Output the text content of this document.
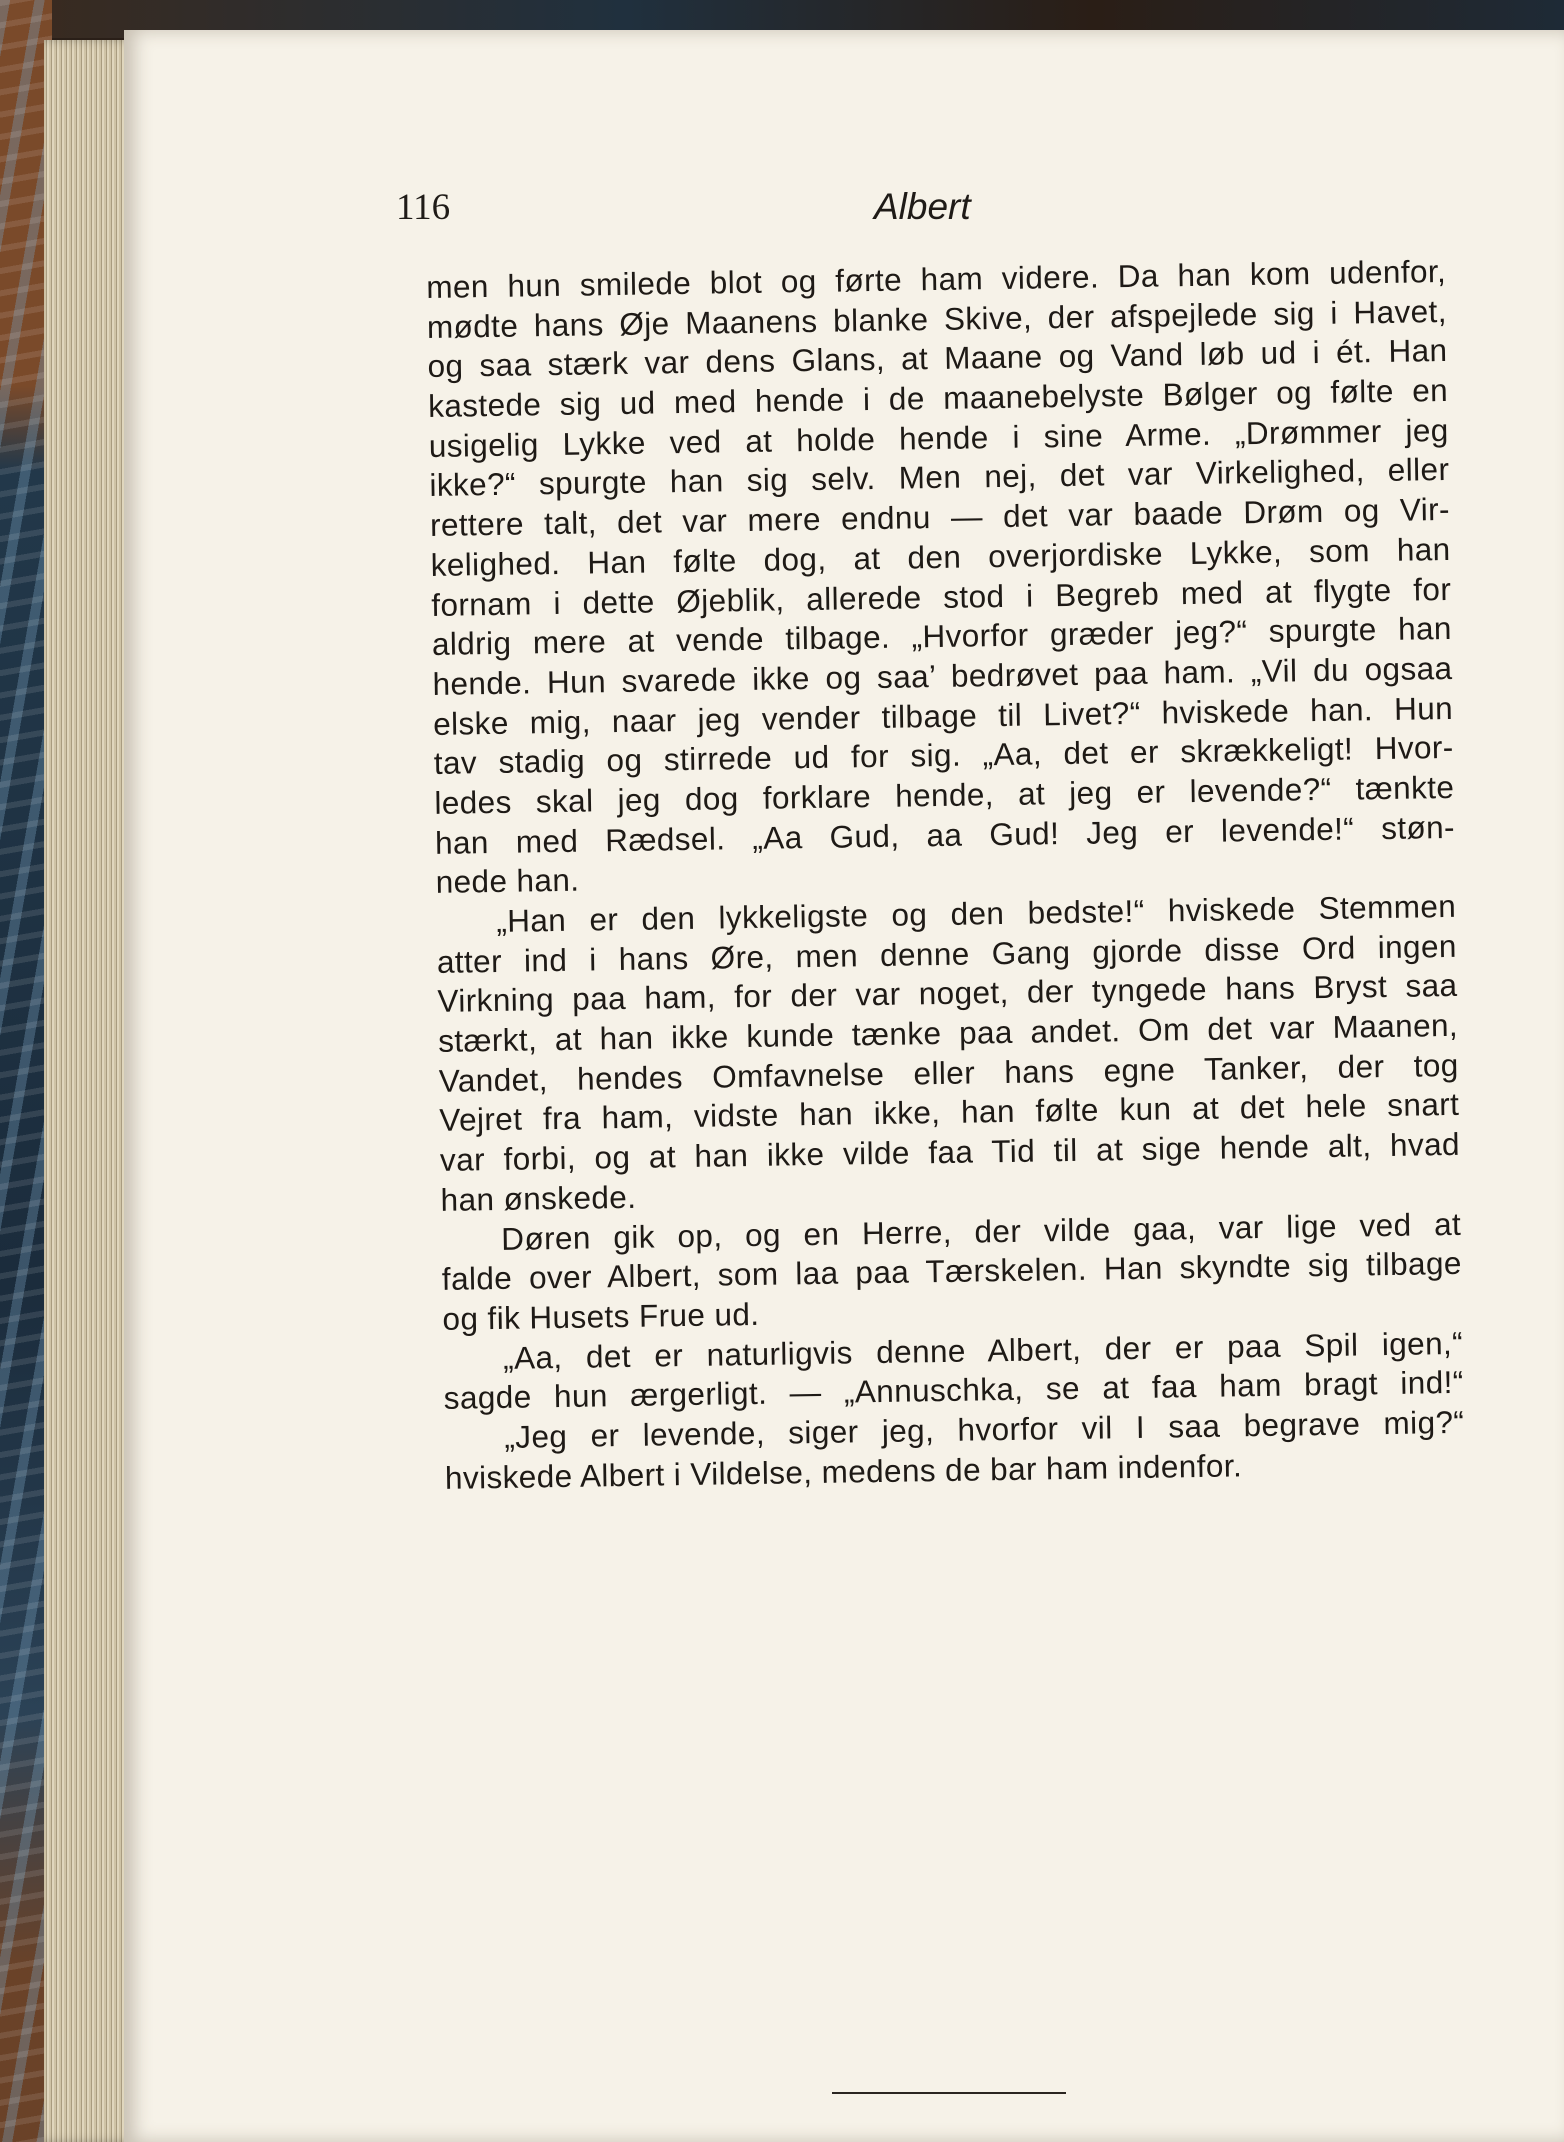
116	Albert
men hun smilede blot og førte ham videre. Da han kom udenfor,
mødte hans Øje Maanens blanke Skive, der afspejlede sig i Havet,
og saa stærk var dens Glans, at Maane og Vand løb ud i ét. Han
kastede sig ud med hende i de maanebelyste Bølger og følte en
usigelig Lykke ved at holde hende i sine Arme. „Drømmer jeg
ikke?“ spurgte han sig selv. Men nej, det var Virkelighed, eller
rettere talt, det var mere endnu — det var baade Drøm og Vir-
kelighed. Han følte dog, at den overjordiske Lykke, som han
fornam i dette Øjeblik, allerede stod i Begreb med at flygte for
aldrig mere at vende tilbage. „Hvorfor græder jeg?“ spurgte han
hende. Hun svarede ikke og saa’ bedrøvet paa ham. „Vil du ogsaa
elske mig, naar jeg vender tilbage til Livet?“ hviskede han. Hun
tav stadig og stirrede ud for sig. „Aa, det er skrækkeligt! Hvor-
ledes skal jeg dog forklare hende, at jeg er levende?“ tænkte
han med Rædsel. „Aa Gud, aa Gud! Jeg er levende!“ støn-
nede han.
„Han er den lykkeligste og den bedste!“ hviskede Stemmen
atter ind i hans Øre, men denne Gang gjorde disse Ord ingen
Virkning paa ham, for der var noget, der tyngede hans Bryst saa
stærkt, at han ikke kunde tænke paa andet. Om det var Maanen,
Vandet, hendes Omfavnelse eller hans egne Tanker, der tog
Vejret fra ham, vidste han ikke, han følte kun at det hele snart
var forbi, og at han ikke vilde faa Tid til at sige hende alt, hvad
han ønskede.
Døren gik op, og en Herre, der vilde gaa, var lige ved at
falde over Albert, som laa paa Tærskelen. Han skyndte sig tilbage
og fik Husets Frue ud.
„Aa, det er naturligvis denne Albert, der er paa Spil igen,“
sagde hun ærgerligt. — „Annuschka, se at faa ham bragt ind!“
„Jeg er levende, siger jeg, hvorfor vil I saa begrave mig?“
hviskede Albert i Vildelse, medens de bar ham indenfor.
